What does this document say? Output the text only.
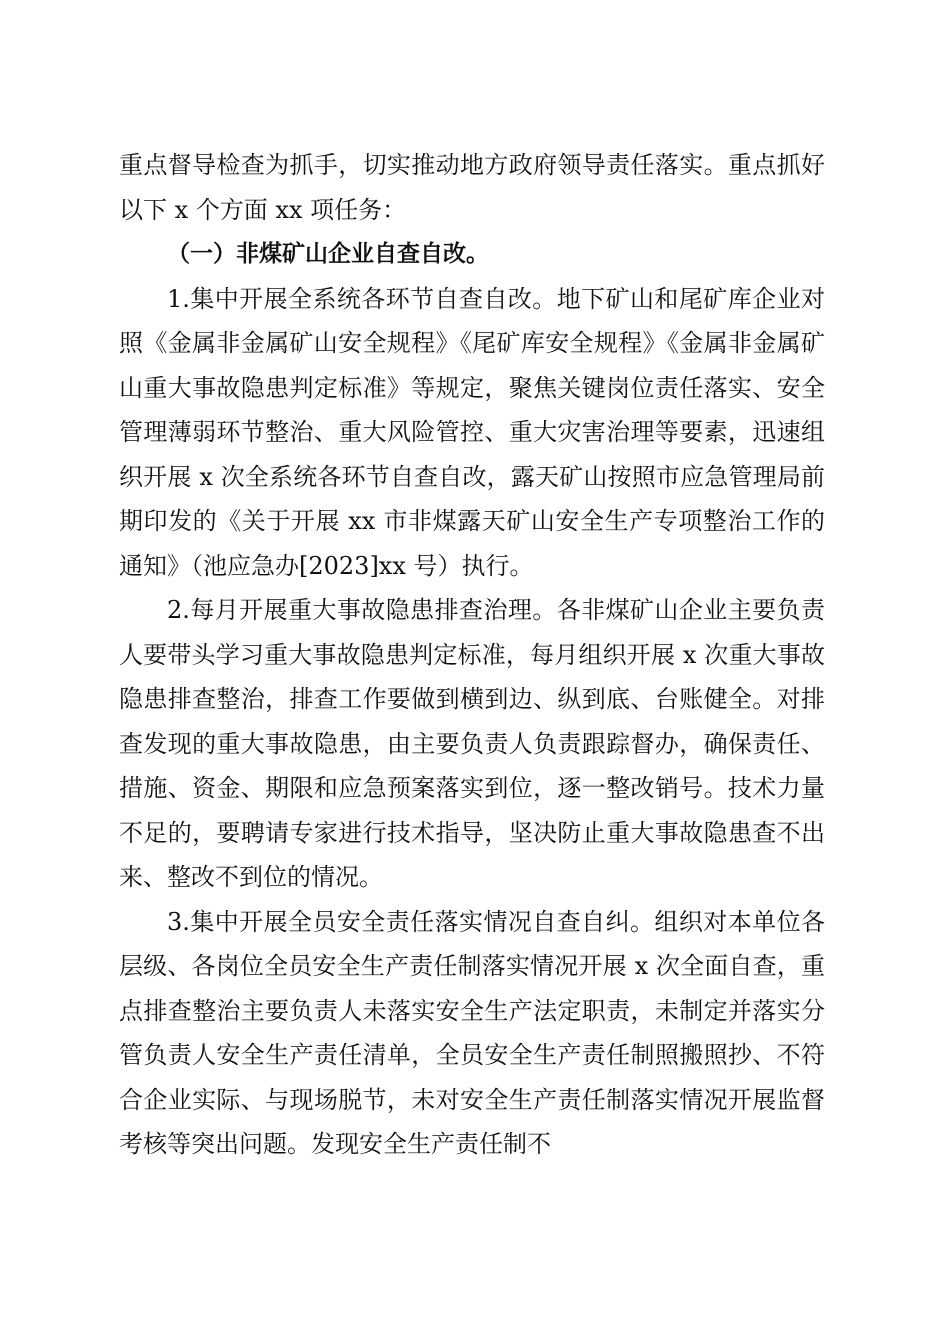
重点督导检查为抓手，切实推动地方政府领导责任落实。重点抓好以下 x 个方面 xx 项任务：

（一）非煤矿山企业自查自改。

1.集中开展全系统各环节自查自改。地下矿山和尾矿库企业对照《金属非金属矿山安全规程》《尾矿库安全规程》《金属非金属矿山重大事故隐患判定标准》等规定，聚焦关键岗位责任落实、安全管理薄弱环节整治、重大风险管控、重大灾害治理等要素，迅速组织开展 x 次全系统各环节自查自改，露天矿山按照市应急管理局前期印发的《关于开展 xx 市非煤露天矿山安全生产专项整治工作的通知》（池应急办[2023]xx 号）执行。

2.每月开展重大事故隐患排查治理。各非煤矿山企业主要负责人要带头学习重大事故隐患判定标准，每月组织开展 x 次重大事故隐患排查整治，排查工作要做到横到边、纵到底、台账健全。对排查发现的重大事故隐患，由主要负责人负责跟踪督办，确保责任、措施、资金、期限和应急预案落实到位，逐一整改销号。技术力量不足的，要聘请专家进行技术指导，坚决防止重大事故隐患查不出来、整改不到位的情况。

3.集中开展全员安全责任落实情况自查自纠。组织对本单位各层级、各岗位全员安全生产责任制落实情况开展 x 次全面自查，重点排查整治主要负责人未落实安全生产法定职责，未制定并落实分管负责人安全生产责任清单，全员安全生产责任制照搬照抄、不符合企业实际、与现场脱节，未对安全生产责任制落实情况开展监督考核等突出问题。发现安全生产责任制不
